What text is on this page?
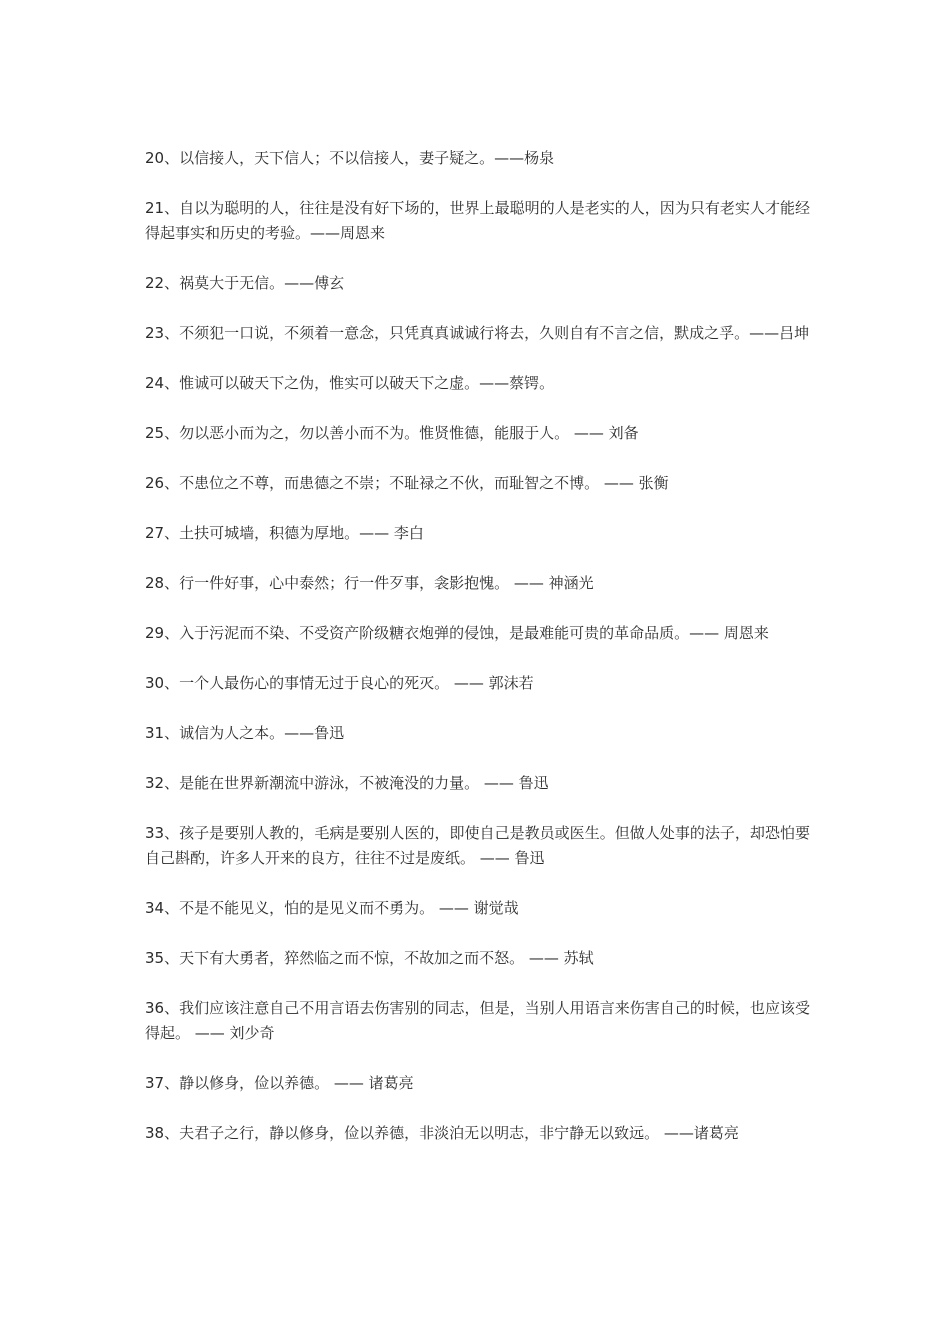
20、以信接人，天下信人；不以信接人，妻子疑之。——杨泉

21、自以为聪明的人，往往是没有好下场的，世界上最聪明的人是老实的人，因为只有老实人才能经得起事实和历史的考验。——周恩来

22、祸莫大于无信。——傅玄

23、不须犯一口说，不须着一意念，只凭真真诚诚行将去，久则自有不言之信，默成之孚。——吕坤

24、惟诚可以破天下之伪，惟实可以破天下之虚。——蔡锷。

25、勿以恶小而为之，勿以善小而不为。惟贤惟德，能服于人。 —— 刘备

26、不患位之不尊，而患德之不崇；不耻禄之不伙，而耻智之不博。 —— 张衡

27、土扶可城墙，积德为厚地。—— 李白

28、行一件好事，心中泰然；行一件歹事，衾影抱愧。 —— 神涵光

29、入于污泥而不染、不受资产阶级糖衣炮弹的侵蚀，是最难能可贵的革命品质。—— 周恩来

30、一个人最伤心的事情无过于良心的死灭。 —— 郭沫若

31、诚信为人之本。——鲁迅

32、是能在世界新潮流中游泳，不被淹没的力量。 —— 鲁迅

33、孩子是要别人教的，毛病是要别人医的，即使自己是教员或医生。但做人处事的法子，却恐怕要自己斟酌，许多人开来的良方，往往不过是废纸。 —— 鲁迅

34、不是不能见义，怕的是见义而不勇为。 —— 谢觉哉

35、天下有大勇者，猝然临之而不惊，不故加之而不怒。 —— 苏轼

36、我们应该注意自己不用言语去伤害别的同志，但是，当别人用语言来伤害自己的时候，也应该受得起。 —— 刘少奇

37、静以修身，俭以养德。 —— 诸葛亮

38、夫君子之行，静以修身，俭以养德，非淡泊无以明志，非宁静无以致远。 ——诸葛亮
